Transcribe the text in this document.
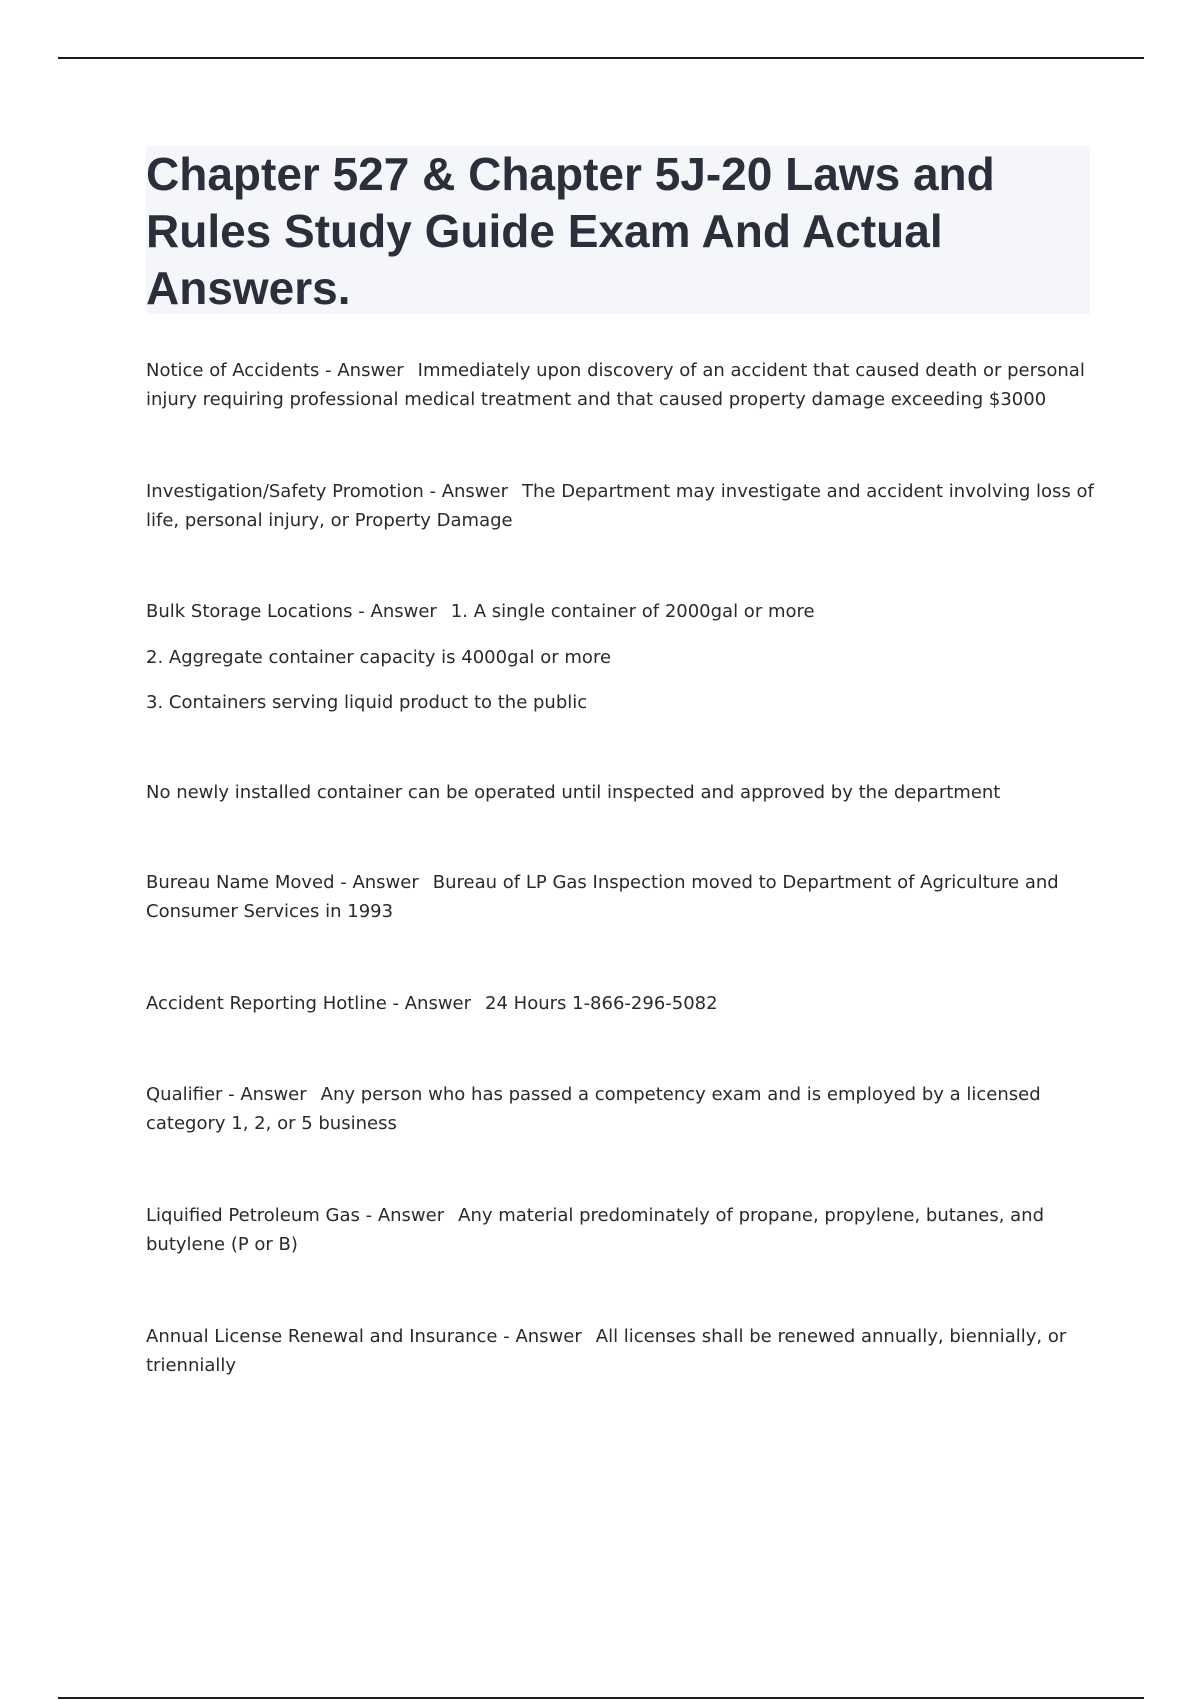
Chapter 527 & Chapter 5J-20 Laws and Rules Study Guide Exam And Actual Answers.

Notice of Accidents - Answer Immediately upon discovery of an accident that caused death or personal injury requiring professional medical treatment and that caused property damage exceeding $3000

Investigation/Safety Promotion - Answer The Department may investigate and accident involving loss of life, personal injury, or Property Damage

Bulk Storage Locations - Answer 1. A single container of 2000gal or more

2. Aggregate container capacity is 4000gal or more

3. Containers serving liquid product to the public

No newly installed container can be operated until inspected and approved by the department

Bureau Name Moved - Answer Bureau of LP Gas Inspection moved to Department of Agriculture and Consumer Services in 1993

Accident Reporting Hotline - Answer 24 Hours 1-866-296-5082

Qualifier - Answer Any person who has passed a competency exam and is employed by a licensed category 1, 2, or 5 business

Liquified Petroleum Gas - Answer Any material predominately of propane, propylene, butanes, and butylene (P or B)

Annual License Renewal and Insurance - Answer All licenses shall be renewed annually, biennially, or triennially
